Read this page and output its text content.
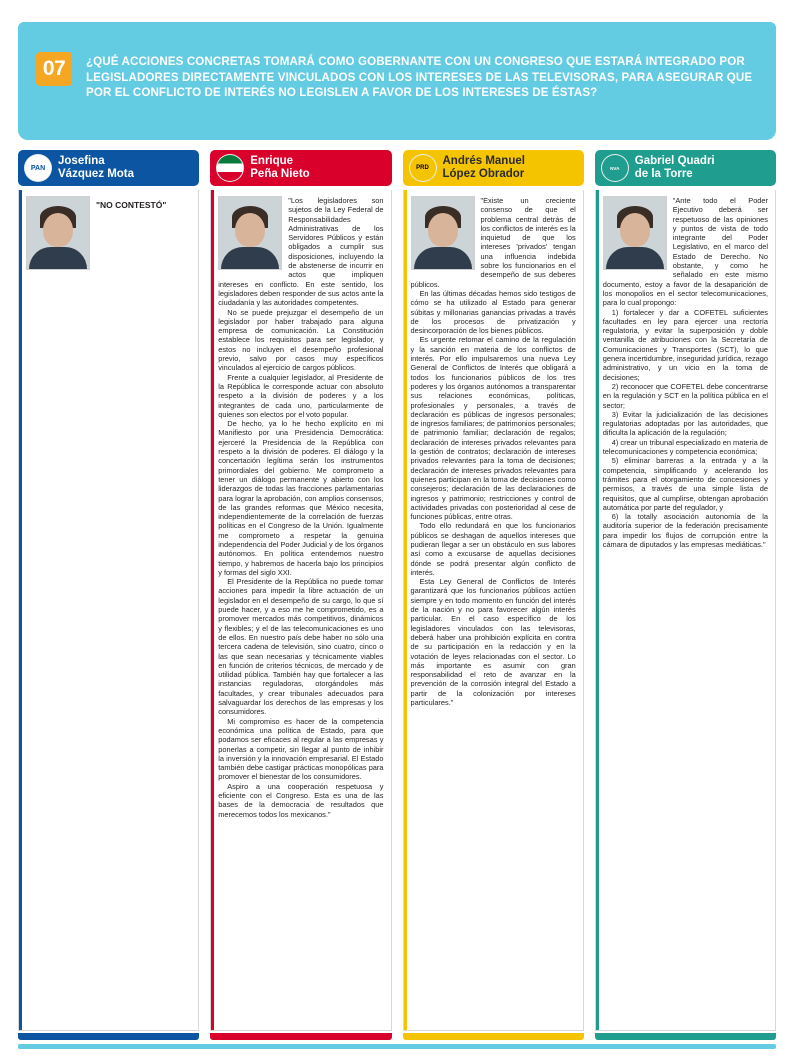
07	¿QUÉ ACCIONES CONCRETAS TOMARÁ COMO GOBERNANTE CON UN CONGRESO QUE ESTARÁ INTEGRADO POR LEGISLADORES DIRECTAMENTE VINCULADOS CON LOS INTERESES DE LAS TELEVISORAS, PARA ASEGURAR QUE POR EL CONFLICTO DE INTERÉS NO LEGISLEN A FAVOR DE LOS INTERESES DE ÉSTAS?
PAN
Josefina
Vázquez Mota
"NO CONTESTÓ"
Enrique
Peña Nieto

"Los legisladores son sujetos de la Ley Federal de Responsabilidades Administrativas de los Servidores Públicos y están obligados a cumplir sus disposiciones, incluyendo la de abstenerse de incurrir en actos que impliquen intereses en conflicto. En este sentido, los legisladores deben responder de sus actos ante la ciudadanía y las autoridades competentes.

No se puede prejuzgar el desempeño de un legislador por haber trabajado para alguna empresa de comunicación. La Constitución establece los requisitos para ser legislador, y estos no incluyen el desempeño profesional previo, salvo por casos muy específicos vinculados al ejercicio de cargos públicos.

Frente a cualquier legislador, al Presidente de la República le corresponde actuar con absoluto respeto a la división de poderes y a los integrantes de cada uno, particularmente de quienes son electos por el voto popular.

De hecho, ya lo he hecho explícito en mi Manifiesto por una Presidencia Democrática: ejerceré la Presidencia de la República con respeto a la división de poderes. El diálogo y la concertación legítima serán los instrumentos primordiales del gobierno. Me comprometo a tener un diálogo permanente y abierto con los liderazgos de todas las fracciones parlamentarias para lograr la aprobación, con amplios consensos, de las grandes reformas que México necesita, independientemente de la correlación de fuerzas políticas en el Congreso de la Unión. Igualmente me comprometo a respetar la genuina independencia del Poder Judicial y de los órganos autónomos. En política entendemos nuestro tiempo, y habremos de hacerla bajo los principios y formas del siglo XXI.

El Presidente de la República no puede tomar acciones para impedir la libre actuación de un legislador en el desempeño de su cargo, lo que sí puede hacer, y a eso me he comprometido, es a promover mercados más competitivos, dinámicos y flexibles; y el de las telecomunicaciones es uno de ellos. En nuestro país debe haber no sólo una tercera cadena de televisión, sino cuatro, cinco o las que sean necesarias y técnicamente viables en función de criterios técnicos, de mercado y de utilidad pública. También hay que fortalecer a las instancias reguladoras, otorgándoles más facultades, y crear tribunales adecuados para salvaguardar los derechos de las empresas y los consumidores.

Mi compromiso es hacer de la competencia económica una política de Estado, para que podamos ser eficaces al regular a las empresas y ponerlas a competir, sin llegar al punto de inhibir la inversión y la innovación empresarial. El Estado también debe castigar prácticas monopólicas para promover el bienestar de los consumidores.

Aspiro a una cooperación respetuosa y eficiente con el Congreso. Esta es una de las bases de la democracia de resultados que merecemos todos los mexicanos."

PRD
Andrés Manuel
López Obrador

"Existe un creciente consenso de que el problema central detrás de los conflictos de interés es la inquietud de que los intereses 'privados' tengan una influencia indebida sobre los funcionarios en el desempeño de sus deberes públicos.

En las últimas décadas hemos sido testigos de cómo se ha utilizado al Estado para generar súbitas y millonarias ganancias privadas a través de los procesos de privatización y desincorporación de los bienes públicos.

Es urgente retomar el camino de la regulación y la sanción en materia de los conflictos de interés. Por ello impulsaremos una nueva Ley General de Conflictos de Interés que obligará a todos los funcionarios públicos de los tres poderes y los órganos autónomos a transparentar sus relaciones económicas, políticas, profesionales y personales, a través de declaración es públicas de ingresos personales; de ingresos familiares; de patrimonios personales; de patrimonio familiar; declaración de regalos; declaración de intereses privados relevantes para la gestión de contratos; declaración de intereses privados relevantes para la toma de decisiones; declaración de intereses privados relevantes para quienes participan en la toma de decisiones como consejeros; declaración de las declaraciones de ingresos y patrimonio; restricciones y control de actividades privadas con posterioridad al cese de funciones públicas, entre otras.

Todo ello redundará en que los funcionarios públicos se deshagan de aquellos intereses que pudieran llegar a ser un obstáculo en sus labores así como a excusarse de aquellas decisiones dónde se podrá presentar algún conflicto de interés.

Esta Ley General de Conflictos de Interés garantizará que los funcionarios públicos actúen siempre y en todo momento en función del interés de la nación y no para favorecer algún interés particular. En el caso específico de los legisladores vinculados con las televisoras, deberá haber una prohibición explícita en contra de su participación en la redacción y en la votación de leyes relacionadas con el sector. Lo más importante es asumir con gran responsabilidad el reto de avanzar en la prevención de la corrosión integral del Estado a partir de la colonización por intereses particulares."

NVA
Gabriel Quadri
de la Torre

"Ante todo el Poder Ejecutivo deberá ser respetuoso de las opiniones y puntos de vista de todo integrante del Poder Legislativo, en el marco del Estado de Derecho. No obstante, y como he señalado en este mismo documento, estoy a favor de la desaparición de los monopolios en el sector telecomunicaciones, para lo cual propongo:

1) fortalecer y dar a COFETEL suficientes facultades en ley para ejercer una rectoría regulatoria, y evitar la superposición y doble ventanilla de atribuciones con la Secretaría de Comunicaciones y Transportes (SCT), lo que genera incertidumbre, inseguridad jurídica, rezago administrativo, y un vicio en la toma de decisiones;

2) reconocer que COFETEL debe concentrarse en la regulación y SCT en la política pública en el sector;

3) Evitar la judicialización de las decisiones regulatorias adoptadas por las autoridades, que dificulta la aplicación de la regulación;

4) crear un tribunal especializado en materia de telecomunicaciones y competencia económica;

5) eliminar barreras a la entrada y a la competencia, simplificando y acelerando los trámites para el otorgamiento de concesiones y permisos, a través de una simple lista de requisitos, que al cumplirse, obtengan aprobación automática por parte del regulador, y

6) la totally asociación autonomía de la auditoría superior de la federación precisamente para impedir los flujos de corrupción entre la cámara de diputados y las empresas mediáticas."
